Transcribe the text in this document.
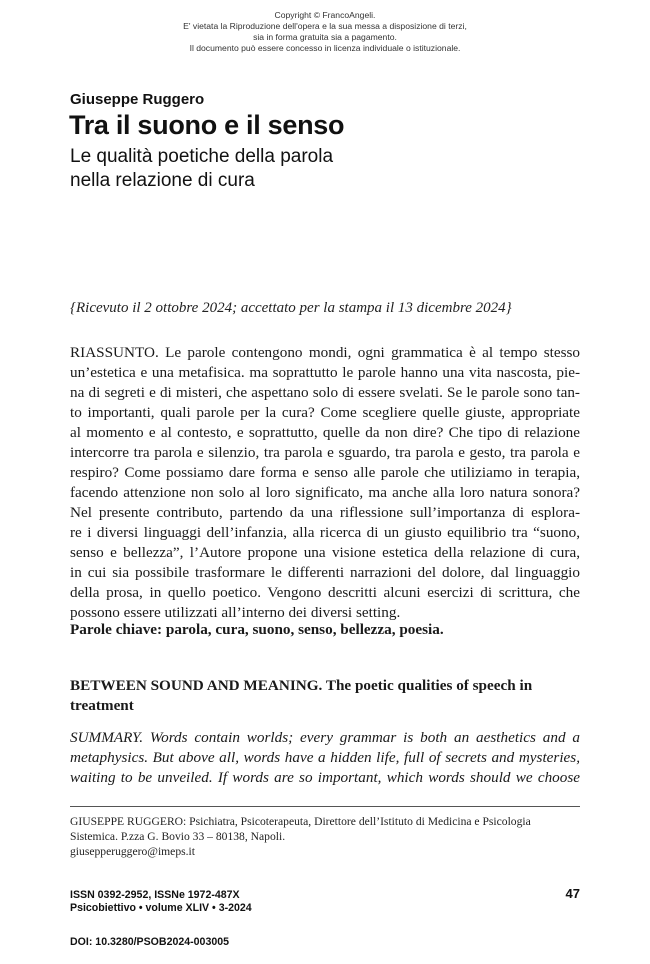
Copyright © FrancoAngeli.
E' vietata la Riproduzione dell'opera e la sua messa a disposizione di terzi,
sia in forma gratuita sia a pagamento.
Il documento può essere concesso in licenza individuale o istituzionale.
Giuseppe Ruggero
Tra il suono e il senso
Le qualità poetiche della parola
nella relazione di cura
{Ricevuto il 2 ottobre 2024; accettato per la stampa il 13 dicembre 2024}
RIASSUNTO. Le parole contengono mondi, ogni grammatica è al tempo stesso
un’estetica e una metafisica. ma soprattutto le parole hanno una vita nascosta, pie-
na di segreti e di misteri, che aspettano solo di essere svelati. Se le parole sono tan-
to importanti, quali parole per la cura? Come scegliere quelle giuste, appropriate
al momento e al contesto, e soprattutto, quelle da non dire? Che tipo di relazione
intercorre tra parola e silenzio, tra parola e sguardo, tra parola e gesto, tra parola e
respiro? Come possiamo dare forma e senso alle parole che utiliziamo in terapia,
facendo attenzione non solo al loro significato, ma anche alla loro natura sonora?
Nel presente contributo, partendo da una riflessione sull’importanza di esplora-
re i diversi linguaggi dell’infanzia, alla ricerca di un giusto equilibrio tra “suono,
senso e bellezza”, l’Autore propone una visione estetica della relazione di cura,
in cui sia possibile trasformare le differenti narrazioni del dolore, dal linguaggio
della prosa, in quello poetico. Vengono descritti alcuni esercizi di scrittura, che
possono essere utilizzati all’interno dei diversi setting.
Parole chiave: parola, cura, suono, senso, bellezza, poesia.
BETWEEN SOUND AND MEANING. The poetic qualities of speech in
treatment
SUMMARY. Words contain worlds; every grammar is both an aesthetics and a
metaphysics. But above all, words have a hidden life, full of secrets and mysteries,
waiting to be unveiled. If words are so important, which words should we choose
GIUSEPPE RUGGERO: Psichiatra, Psicoterapeuta, Direttore dell’Istituto di Medicina e Psicologia
Sistemica. P.zza G. Bovio 33 – 80138, Napoli.
giusepperuggero@imeps.it
ISSN 0392-2952, ISSNe 1972-487X
Psicobiettivo • volume XLIV • 3-2024
47
DOI: 10.3280/PSOB2024-003005
